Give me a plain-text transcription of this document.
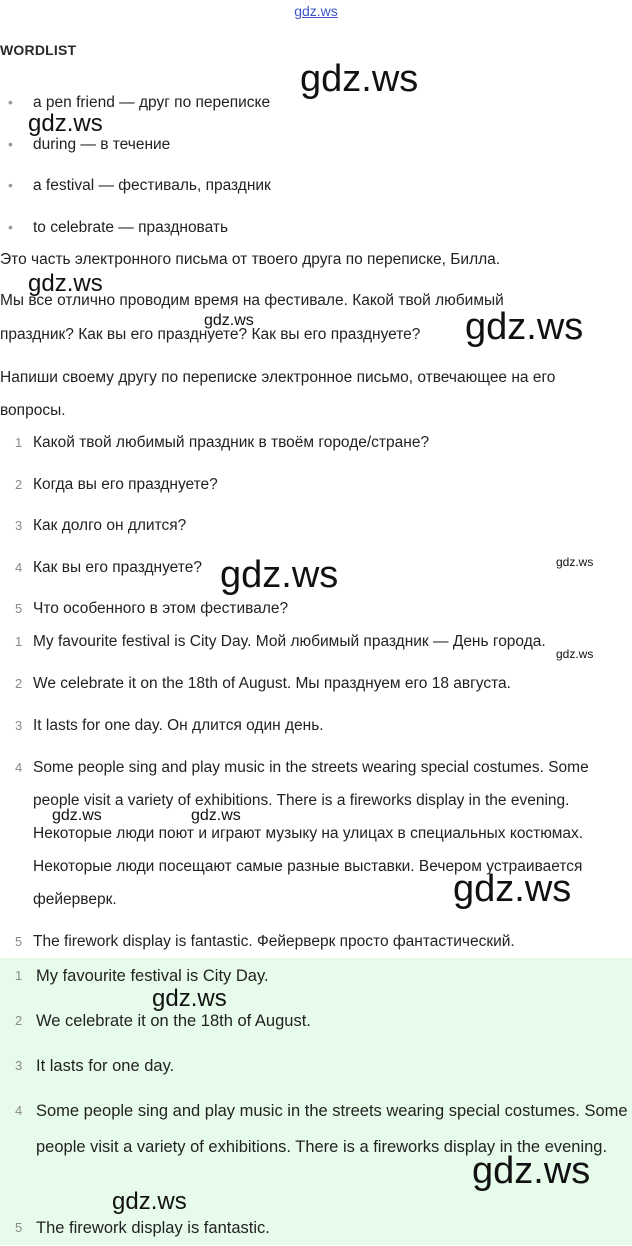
gdz.ws
WORDLIST
• a pen friend — друг по переписке
• during — в течение
• a festival — фестиваль, праздник
• to celebrate — праздновать
Это часть электронного письма от твоего друга по переписке, Билла.
Мы все отлично проводим время на фестивале. Какой твой любимый
праздник? Как вы его празднуете? Как вы его празднуете?
Напиши своему другу по переписке электронное письмо, отвечающее на его
вопросы.
1 Какой твой любимый праздник в твоём городе/стране?
2 Когда вы его празднуете?
3 Как долго он длится?
4 Как вы его празднуете?
5 Что особенного в этом фестивале?
1 My favourite festival is City Day. Мой любимый праздник — День города.
2 We celebrate it on the 18th of August. Мы празднуем его 18 августа.
3 It lasts for one day. Он длится один день.
4 Some people sing and play music in the streets wearing special costumes. Some people visit a variety of exhibitions. There is a fireworks display in the evening. Некоторые люди поют и играют музыку на улицах в специальных костюмах. Некоторые люди посещают самые разные выставки. Вечером устраивается фейерверк.
5 The firework display is fantastic. Фейерверк просто фантастический.
1 My favourite festival is City Day.
2 We celebrate it on the 18th of August.
3 It lasts for one day.
4 Some people sing and play music in the streets wearing special costumes. Some people visit a variety of exhibitions. There is a fireworks display in the evening.
5 The firework display is fantastic.
gdz.ws
gdz.ws
gdz.ws
gdz.ws	gdz.ws
gdz.ws	gdz.ws
gdz.ws
gdz.ws	gdz.ws
gdz.ws
gdz.ws
gdz.ws
gdz.ws
